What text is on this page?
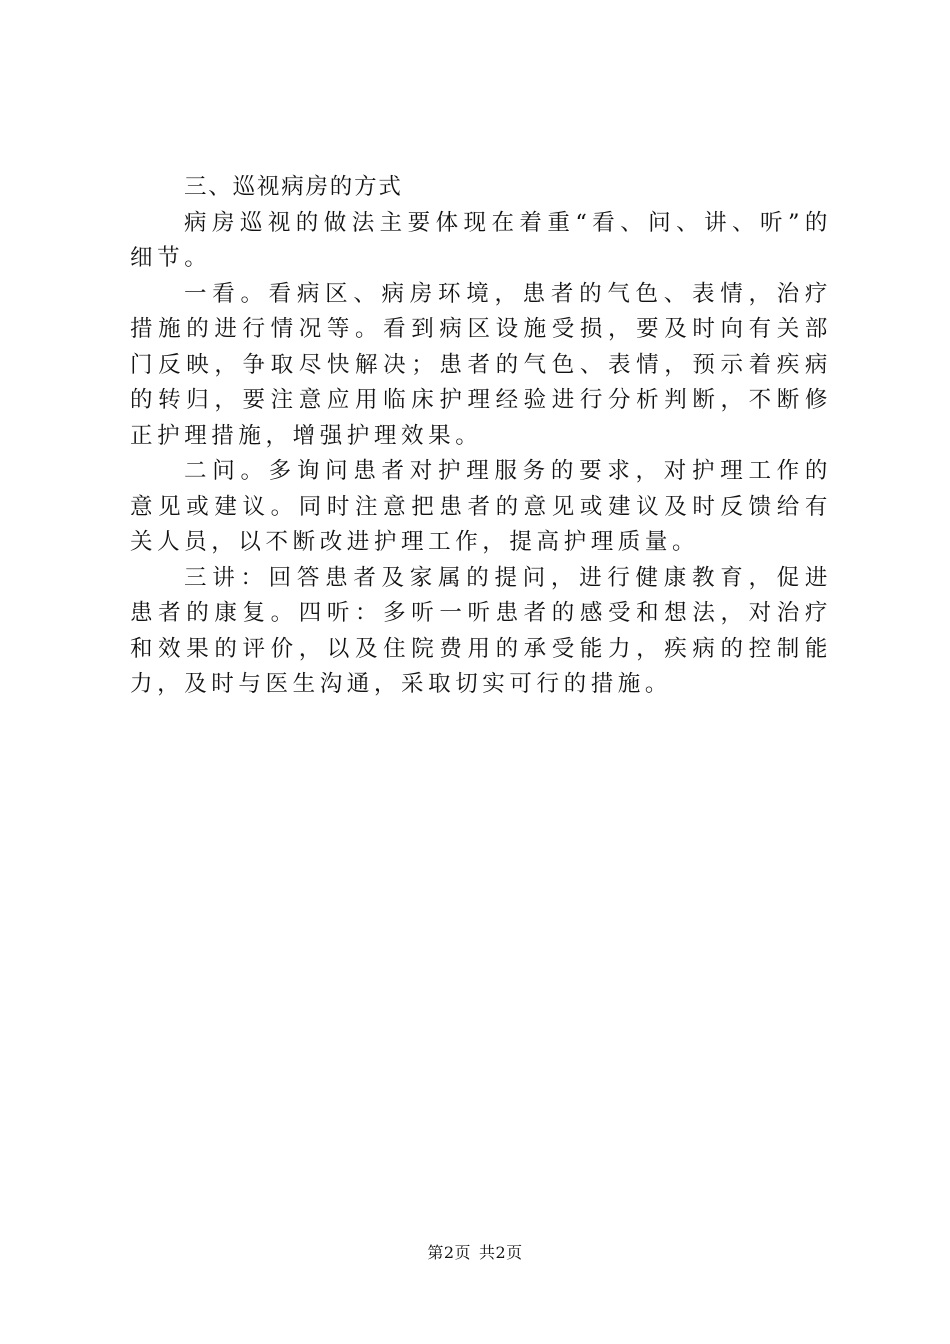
三、巡视病房的方式

病房巡视的做法主要体现在着重“看、问、讲、听”的细节。

一看。看病区、病房环境，患者的气色、表情，治疗措施的进行情况等。看到病区设施受损，要及时向有关部门反映，争取尽快解决；患者的气色、表情，预示着疾病的转归，要注意应用临床护理经验进行分析判断，不断修正护理措施，增强护理效果。

二问。多询问患者对护理服务的要求，对护理工作的意见或建议。同时注意把患者的意见或建议及时反馈给有关人员，以不断改进护理工作，提高护理质量。

三讲：回答患者及家属的提问，进行健康教育，促进患者的康复。四听：多听一听患者的感受和想法，对治疗和效果的评价，以及住院费用的承受能力，疾病的控制能力，及时与医生沟通，采取切实可行的措施。

第2页 共2页
